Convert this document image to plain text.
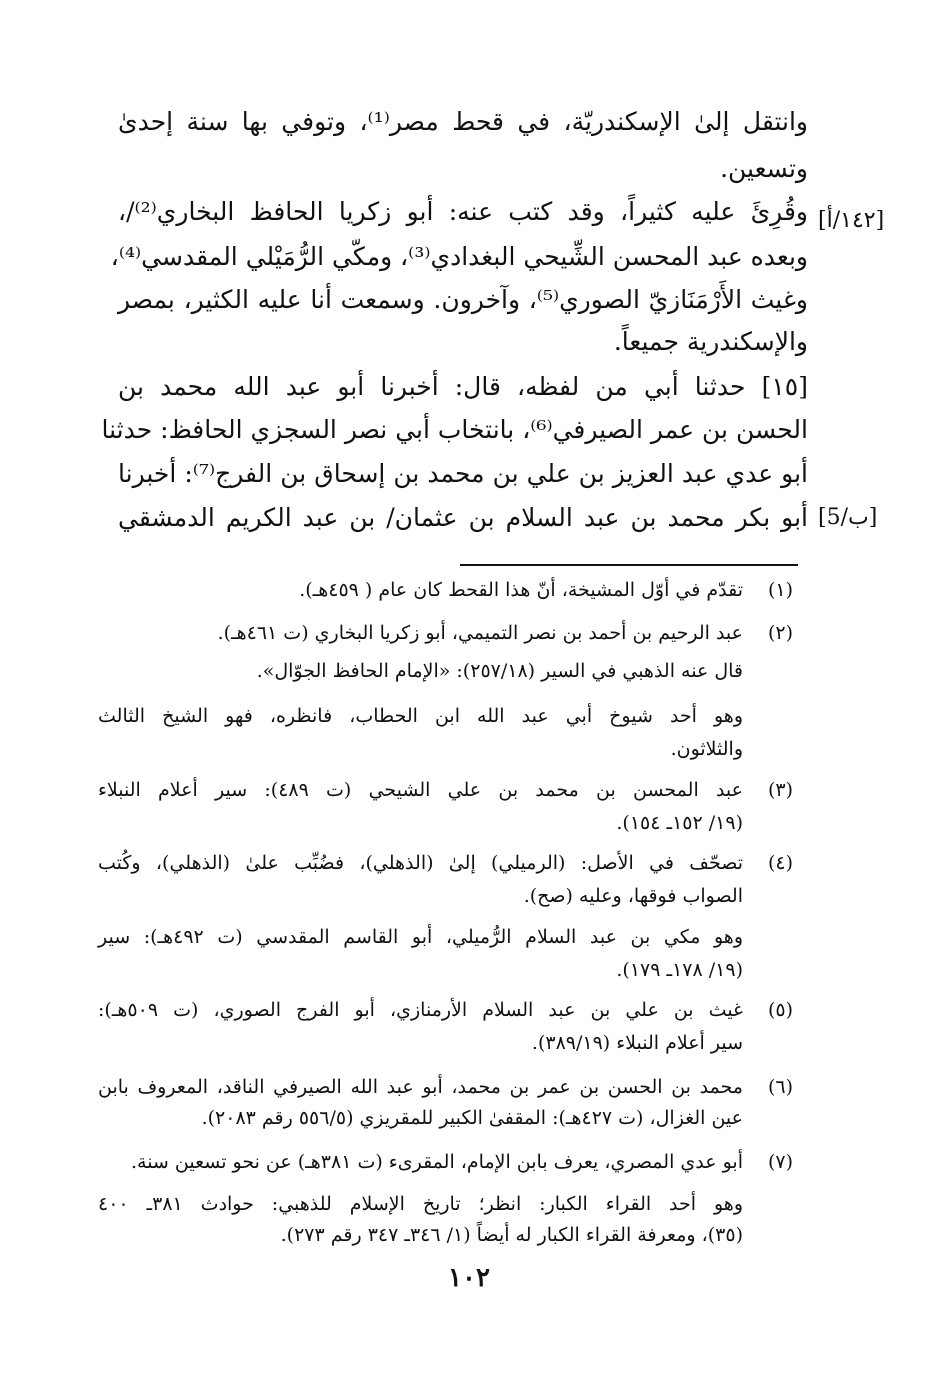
وانتقل إلىٰ الإسكندريّة، في قحط مصر⁽¹⁾، وتوفي بها سنة إحدىٰ
وتسعين.
وقُرِئَ عليه كثيراً، وقد كتب عنه: أبو زكريا الحافظ البخاري⁽²⁾/، [١٤٢/أ]
وبعده عبد المحسن الشِّيحي البغدادي⁽³⁾، ومكّي الرُّمَيْلي المقدسي⁽⁴⁾،
وغيث الأَرْمَنَازيّ الصوري⁽⁵⁾، وآخرون. وسمعت أنا عليه الكثير، بمصر
والإسكندرية جميعاً.
[١٥] حدثنا أبي من لفظه، قال: أخبرنا أبو عبد الله محمد بن
الحسن بن عمر الصيرفي⁽⁶⁾، بانتخاب أبي نصر السجزي الحافظ: حدثنا
أبو عدي عبد العزيز بن علي بن محمد بن إسحاق بن الفرج⁽⁷⁾: أخبرنا
أبو بكر محمد بن عبد السلام بن عثمان/ بن عبد الكريم الدمشقي [5/ب]
(١)
تقدّم في أوّل المشيخة، أنّ هذا القحط كان عام ( ٤٥٩هـ).
(٢)
عبد الرحيم بن أحمد بن نصر التميمي، أبو زكريا البخاري (ت ٤٦١هـ).
قال عنه الذهبي في السير (٢٥٧/١٨): «الإمام الحافظ الجوّال».
وهو أحد شيوخ أبي عبد الله ابن الحطاب، فانظره، فهو الشيخ الثالث
والثلاثون.
(٣)
عبد المحسن بن محمد بن علي الشيحي (ت ٤٨٩): سير أعلام النبلاء
(١٩/ ١٥٢ـ ١٥٤).
(٤)
تصحّف في الأصل: (الرميلي) إلىٰ (الذهلي)، فضُبِّب علىٰ (الذهلي)، وكُتب
الصواب فوقها، وعليه (صح).
وهو مكي بن عبد السلام الرُّميلي، أبو القاسم المقدسي (ت ٤٩٢هـ): سير
(١٩/ ١٧٨ـ ١٧٩).
(٥)
غيث بن علي بن عبد السلام الأرمنازي، أبو الفرج الصوري، (ت ٥٠٩هـ):
سير أعلام النبلاء (٣٨٩/١٩).
(٦)
محمد بن الحسن بن عمر بن محمد، أبو عبد الله الصيرفي الناقد، المعروف بابن
عين الغزال، (ت ٤٢٧هـ): المقفىٰ الكبير للمقريزي (٥٥٦/٥ رقم ٢٠٨٣).
(٧)
أبو عدي المصري، يعرف بابن الإمام، المقرىء (ت ٣٨١هـ) عن نحو تسعين سنة.
وهو أحد القراء الكبار: انظر؛ تاريخ الإسلام للذهبي: حوادث ٣٨١ـ ٤٠٠
(٣٥)، ومعرفة القراء الكبار له أيضاً (١/ ٣٤٦ـ ٣٤٧ رقم ٢٧٣).
١٠٢
